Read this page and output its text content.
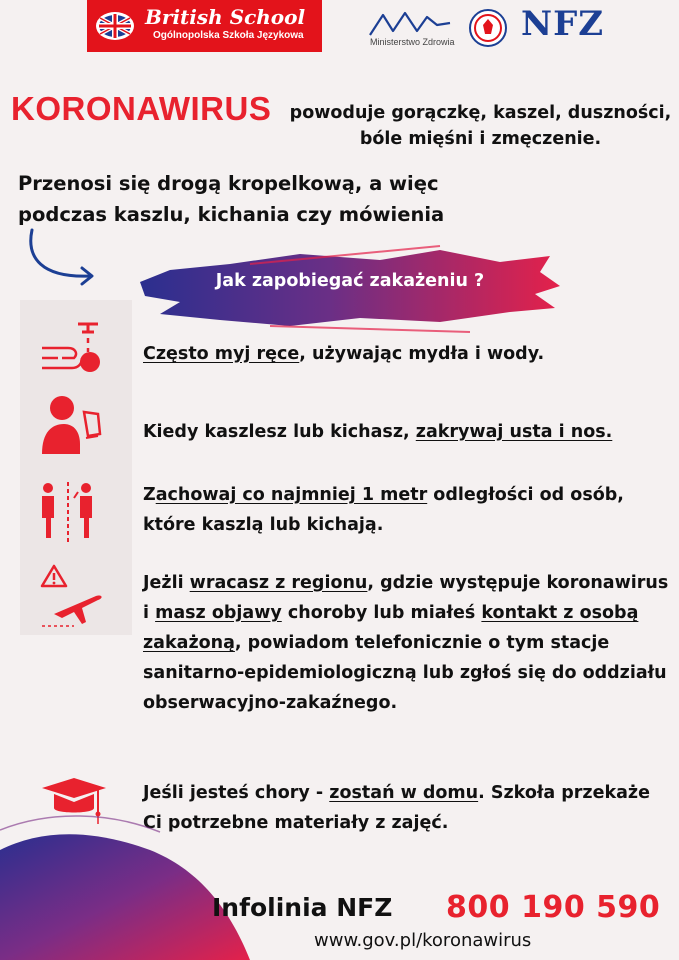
British School
Ogólnopolska Szkoła Językowa
Ministerstwo Zdrowia NFZ
KORONAWIRUS powoduje gorączkę, kaszel, duszności,
bóle mięśni i zmęczenie.
Przenosi się drogą kropelkową, a więc
podczas kaszlu, kichania czy mówienia
Jak zapobiegać zakażeniu ?
Często myj ręce, używając mydła i wody.
Kiedy kaszlesz lub kichasz, zakrywaj usta i nos.
Zachowaj co najmniej 1 metr odległości od osób, które kaszlą lub kichają.
Jeżli wracasz z regionu, gdzie występuje koronawirus i masz objawy choroby lub miałeś kontakt z osobą zakażoną, powiadom telefonicznie o tym stacje sanitarno-epidemiologiczną lub zgłoś się do oddziału obserwacyjno-zakaźnego.
Jeśli jesteś chory - zostań w domu. Szkoła przekaże Ci potrzebne materiały z zajęć.
Infolinia NFZ 800 190 590
www.gov.pl/koronawirus
